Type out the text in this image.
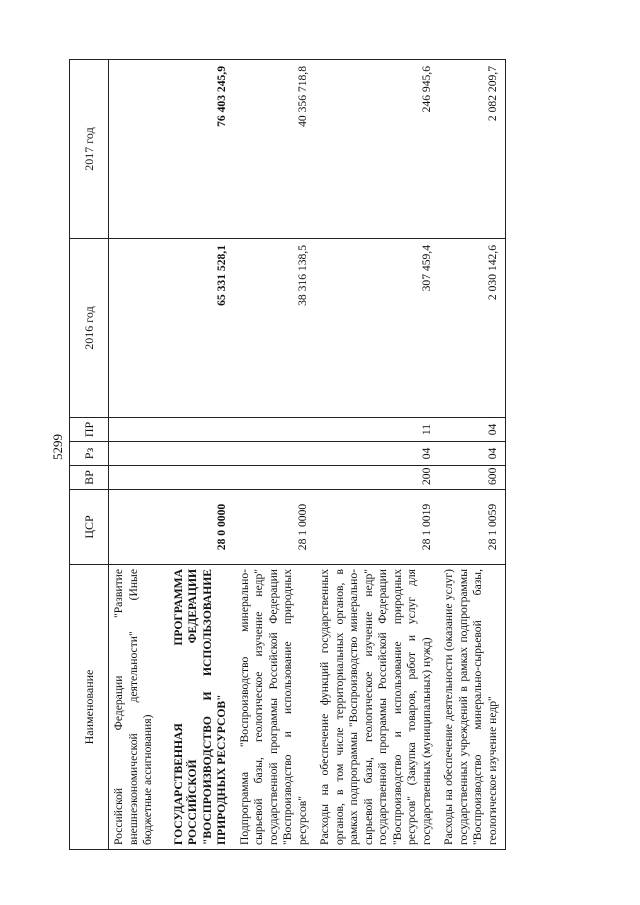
5299
Наименование	ЦСР	ВР	Рз	ПР	2016 год	2017 год
Российской Федерации "Развитие внешнеэкономической деятельности" (Иные бюджетные ассигнования)						
ГОСУДАРСТВЕННАЯ ПРОГРАММА РОССИЙСКОЙ ФЕДЕРАЦИИ "ВОСПРОИЗВОДСТВО И ИСПОЛЬЗОВАНИЕ ПРИРОДНЫХ РЕСУРСОВ"	28 0 0000				65 331 528,1	76 403 245,9
Подпрограмма "Воспроизводство минерально-сырьевой базы, геологическое изучение недр" государственной программы Российской Федерации "Воспроизводство и использование природных ресурсов"	28 1 0000				38 316 138,5	40 356 718,8
Расходы на обеспечение функций государственных органов, в том числе территориальных органов, в рамках подпрограммы "Воспроизводство минерально-сырьевой базы, геологическое изучение недр" государственной программы Российской Федерации "Воспроизводство и использование природных ресурсов" (Закупка товаров, работ и услуг для государственных (муниципальных) нужд)	28 1 0019	200	04	11	307 459,4	246 945,6
Расходы на обеспечение деятельности (оказание услуг) государственных учреждений в рамках подпрограммы "Воспроизводство минерально-сырьевой базы, геологическое изучение недр"	28 1 0059	600	04	04	2 030 142,6	2 082 209,7
